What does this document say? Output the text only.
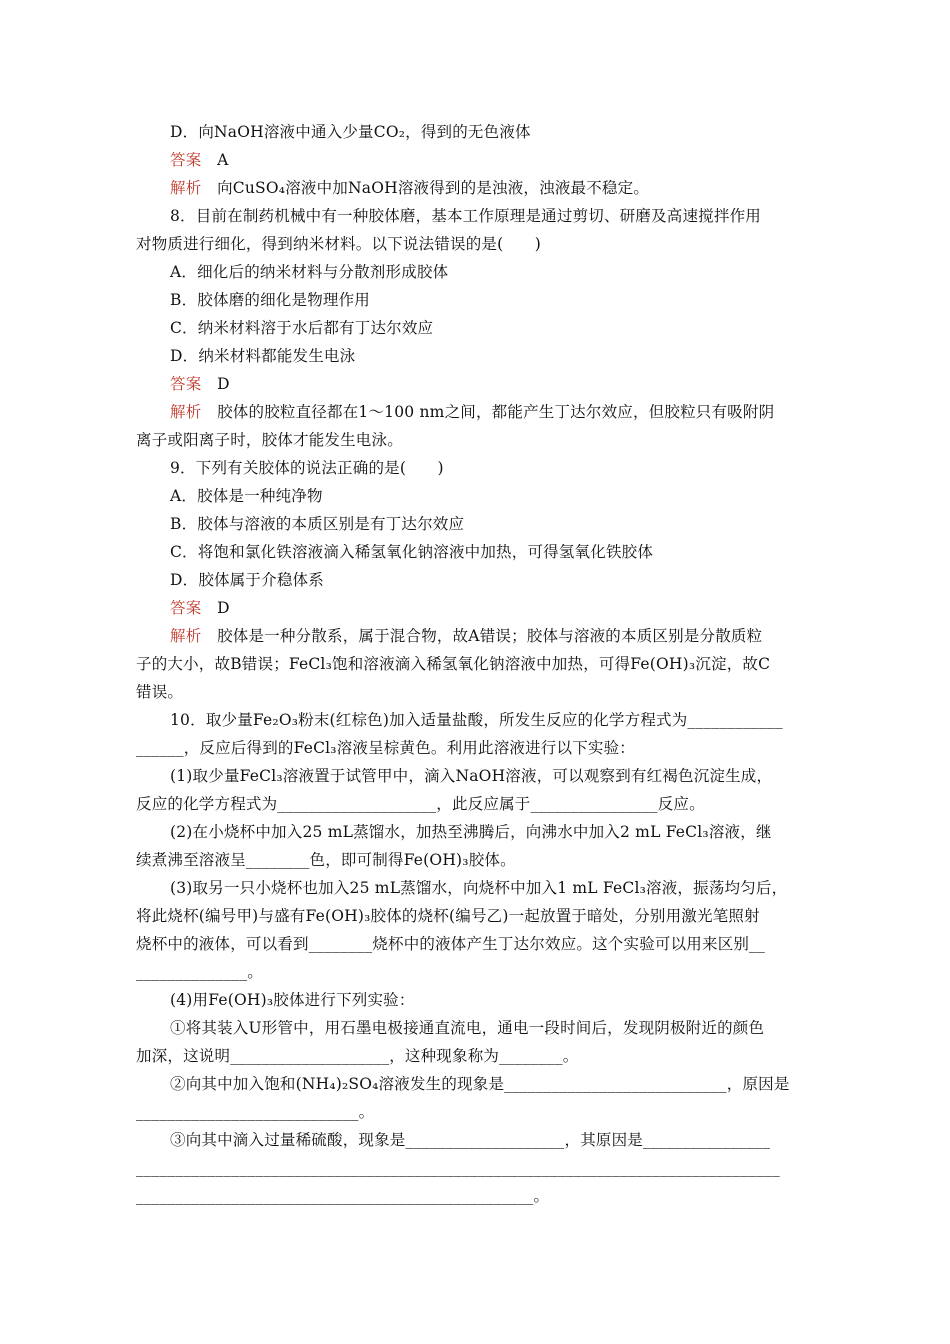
D．向NaOH溶液中通入少量CO₂，得到的无色液体
答案　 A
解析　 向CuSO₄溶液中加NaOH溶液得到的是浊液，浊液最不稳定。
8．目前在制药机械中有一种胶体磨，基本工作原理是通过剪切、研磨及高速搅拌作用
对物质进行细化，得到纳米材料。以下说法错误的是(　　)
A．细化后的纳米材料与分散剂形成胶体
B．胶体磨的细化是物理作用
C．纳米材料溶于水后都有丁达尔效应
D．纳米材料都能发生电泳
答案　 D
解析　 胶体的胶粒直径都在1～100 nm之间，都能产生丁达尔效应，但胶粒只有吸附阴
离子或阳离子时，胶体才能发生电泳。
9．下列有关胶体的说法正确的是(　　)
A．胶体是一种纯净物
B．胶体与溶液的本质区别是有丁达尔效应
C．将饱和氯化铁溶液滴入稀氢氧化钠溶液中加热，可得氢氧化铁胶体
D．胶体属于介稳体系
答案　 D
解析　 胶体是一种分散系，属于混合物，故A错误；胶体与溶液的本质区别是分散质粒
子的大小，故B错误；FeCl₃饱和溶液滴入稀氢氧化钠溶液中加热，可得Fe(OH)₃沉淀，故C
错误。
10．取少量Fe₂O₃粉末(红棕色)加入适量盐酸，所发生反应的化学方程式为____________
______，反应后得到的FeCl₃溶液呈棕黄色。利用此溶液进行以下实验：
(1)取少量FeCl₃溶液置于试管甲中，滴入NaOH溶液，可以观察到有红褐色沉淀生成，
反应的化学方程式为____________________，此反应属于________________反应。
(2)在小烧杯中加入25 mL蒸馏水，加热至沸腾后，向沸水中加入2 mL FeCl₃溶液，继
续煮沸至溶液呈________色，即可制得Fe(OH)₃胶体。
(3)取另一只小烧杯也加入25 mL蒸馏水，向烧杯中加入1 mL FeCl₃溶液，振荡均匀后，
将此烧杯(编号甲)与盛有Fe(OH)₃胶体的烧杯(编号乙)一起放置于暗处，分别用激光笔照射
烧杯中的液体，可以看到________烧杯中的液体产生丁达尔效应。这个实验可以用来区别__
______________。
(4)用Fe(OH)₃胶体进行下列实验：
①将其装入U形管中，用石墨电极接通直流电，通电一段时间后，发现阴极附近的颜色
加深，这说明____________________，这种现象称为________。
②向其中加入饱和(NH₄)₂SO₄溶液发生的现象是____________________________，原因是
____________________________。
③向其中滴入过量稀硫酸，现象是____________________，其原因是________________
_________________________________________________________________________________
__________________________________________________。
